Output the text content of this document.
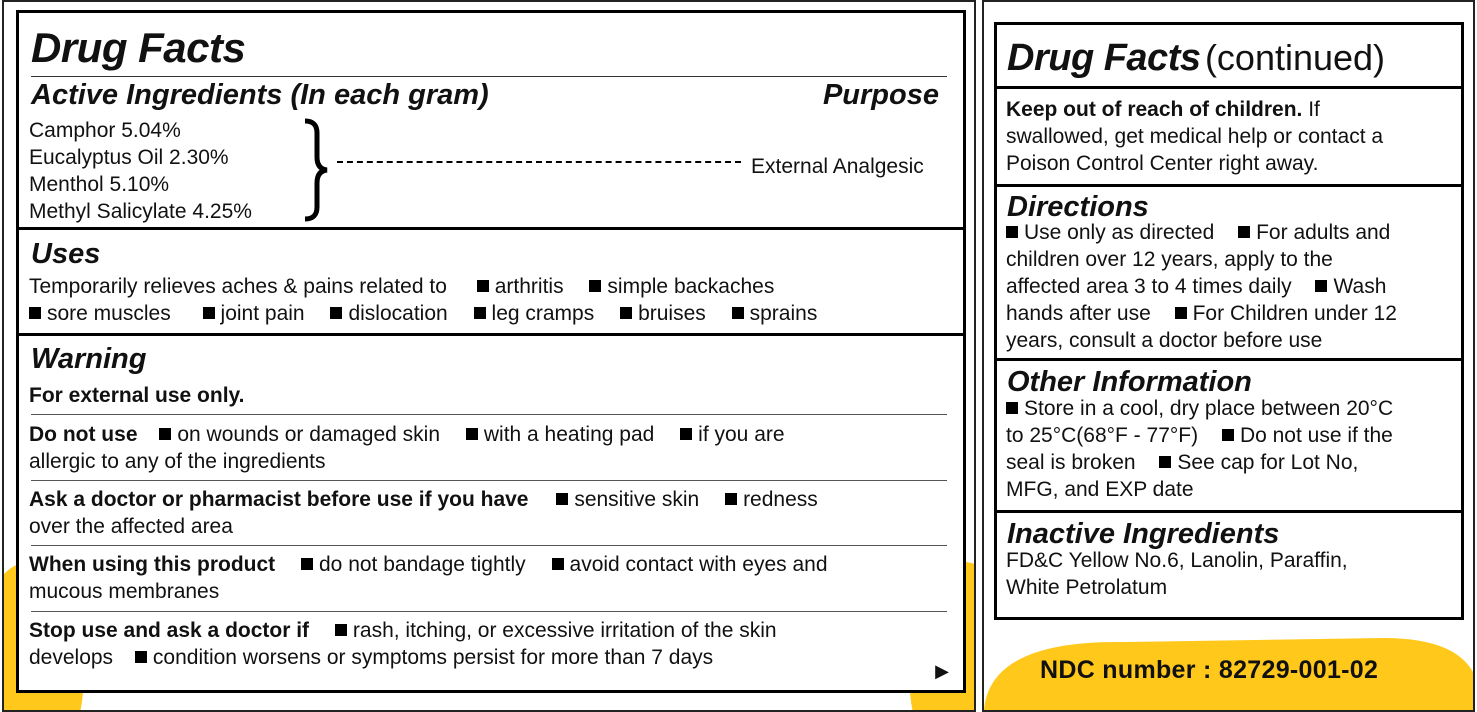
Drug Facts
Active Ingredients (In each gram)	Purpose
Camphor 5.04%
Eucalyptus Oil 2.30%
Menthol 5.10%
Methyl Salicylate 4.25%
External Analgesic
Uses
Temporarily relieves aches & pains related to arthritis simple backaches
sore muscles joint pain dislocation leg cramps bruises sprains
Warning
For external use only.
Do not use on wounds or damaged skin with a heating pad if you are
allergic to any of the ingredients
Ask a doctor or pharmacist before use if you have sensitive skin redness
over the affected area
When using this product do not bandage tightly avoid contact with eyes and
mucous membranes
Stop use and ask a doctor if rash, itching, or excessive irritation of the skin
develops condition worsens or symptoms persist for more than 7 days
▶
Drug Facts (continued)
Keep out of reach of children. If
swallowed, get medical help or contact a
Poison Control Center right away.
Directions
Use only as directed For adults and
children over 12 years, apply to the
affected area 3 to 4 times daily Wash
hands after use For Children under 12
years, consult a doctor before use
Other Information
Store in a cool, dry place between 20°C
to 25°C(68°F - 77°F) Do not use if the
seal is broken See cap for Lot No,
MFG, and EXP date
Inactive Ingredients
FD&C Yellow No.6, Lanolin, Paraffin,
White Petrolatum
NDC number : 82729-001-02
